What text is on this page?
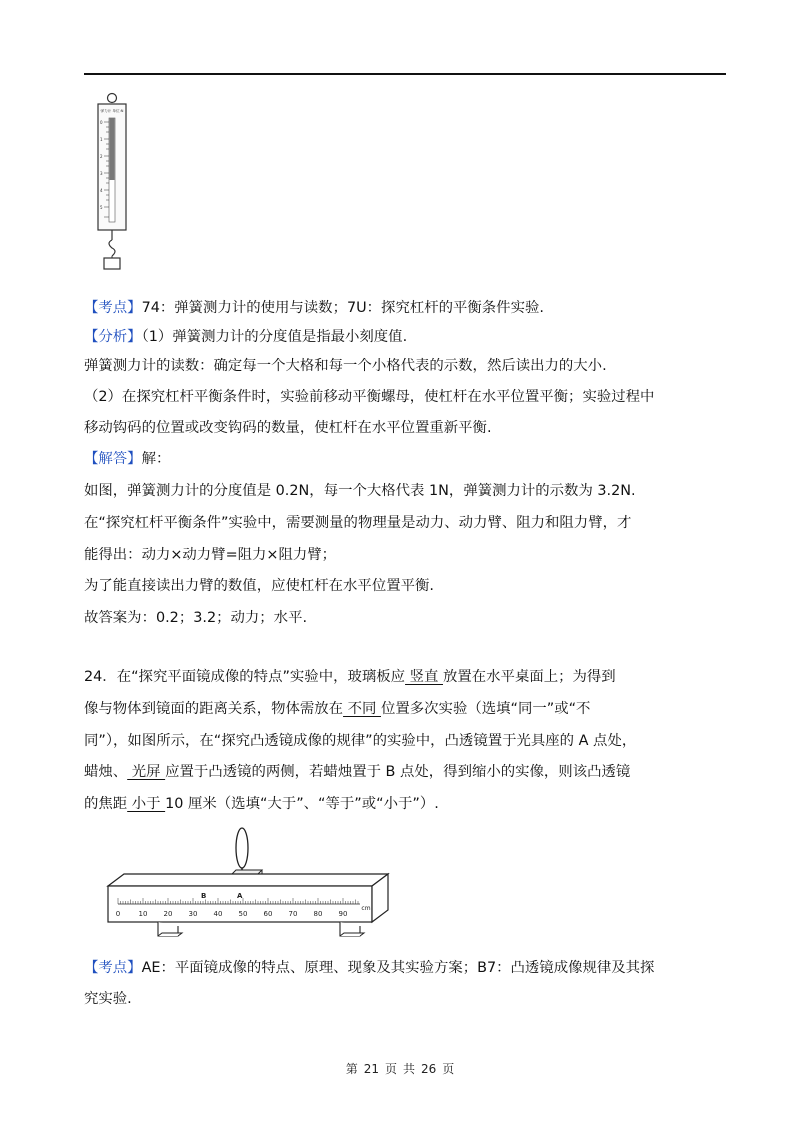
弹力计 单位:N
0
1
2
3
4
5
【考点】74：弹簧测力计的使用与读数；7U：探究杠杆的平衡条件实验.
【分析】（1）弹簧测力计的分度值是指最小刻度值.
弹簧测力计的读数：确定每一个大格和每一个小格代表的示数，然后读出力的大小.
（2）在探究杠杆平衡条件时，实验前移动平衡螺母，使杠杆在水平位置平衡；实验过程中
移动钩码的位置或改变钩码的数量，使杠杆在水平位置重新平衡.
【解答】解：
如图，弹簧测力计的分度值是 0.2N，每一个大格代表 1N，弹簧测力计的示数为 3.2N.
在“探究杠杆平衡条件”实验中，需要测量的物理量是动力、动力臂、阻力和阻力臂，才
能得出：动力×动力臂=阻力×阻力臂；
为了能直接读出力臂的数值，应使杠杆在水平位置平衡.
故答案为：0.2；3.2；动力；水平.
24．在“探究平面镜成像的特点”实验中，玻璃板应 竖直 放置在水平桌面上；为得到
像与物体到镜面的距离关系，物体需放在 不同 位置多次实验（选填“同一”或“不
同”），如图所示，在“探究凸透镜成像的规律”的实验中，凸透镜置于光具座的 A 点处，
蜡烛、 光屏 应置于凸透镜的两侧，若蜡烛置于 B 点处，得到缩小的实像，则该凸透镜
的焦距 小于 10 厘米（选填“大于”、“等于”或“小于”）.
0	10 20 30 40 50 60 70 80 90
cm
B	A
【考点】AE：平面镜成像的特点、原理、现象及其实验方案；B7：凸透镜成像规律及其探
究实验.
第 21 页 共 26 页
